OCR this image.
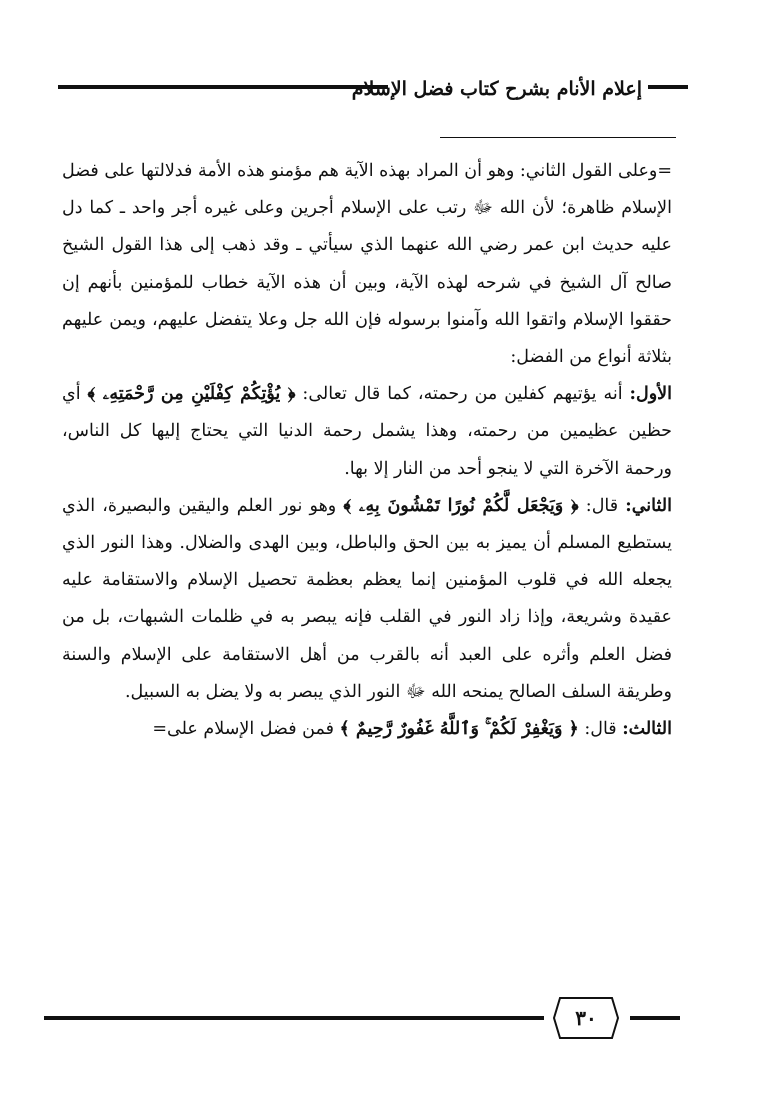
إعلام الأنام بشرح كتاب فضل الإسلام

=وعلى القول الثاني: وهو أن المراد بهذه الآية هم مؤمنو هذه الأمة فدلالتها على فضل الإسلام ظاهرة؛ لأن الله ﷻ رتب على الإسلام أجرين وعلى غيره أجر واحد ـ كما دل عليه حديث ابن عمر رضي الله عنهما الذي سيأتي ـ وقد ذهب إلى هذا القول الشيخ صالح آل الشيخ في شرحه لهذه الآية، وبين أن هذه الآية خطاب للمؤمنين بأنهم إن حققوا الإسلام واتقوا الله وآمنوا برسوله فإن الله جل وعلا يتفضل عليهم، ويمن عليهم بثلاثة أنواع من الفضل:

الأول: أنه يؤتيهم كفلين من رحمته، كما قال تعالى: ﴿ يُؤْتِكُمْ كِفْلَيْنِ مِن رَّحْمَتِهِۦ ﴾ أي حظين عظيمين من رحمته، وهذا يشمل رحمة الدنيا التي يحتاج إليها كل الناس، ورحمة الآخرة التي لا ينجو أحد من النار إلا بها.

الثاني: قال: ﴿ وَيَجْعَل لَّكُمْ نُورًا تَمْشُونَ بِهِۦ ﴾ وهو نور العلم واليقين والبصيرة، الذي يستطيع المسلم أن يميز به بين الحق والباطل، وبين الهدى والضلال. وهذا النور الذي يجعله الله في قلوب المؤمنين إنما يعظم بعظمة تحصيل الإسلام والاستقامة عليه عقيدة وشريعة، وإذا زاد النور في القلب فإنه يبصر به في ظلمات الشبهات، بل من فضل العلم وأثره على العبد أنه بالقرب من أهل الاستقامة على الإسلام والسنة وطريقة السلف الصالح يمنحه الله ﷻ النور الذي يبصر به ولا يضل به السبيل.

الثالث: قال: ﴿ وَيَغْفِرْ لَكُمْ ۚ وَٱللَّهُ غَفُورٌ رَّحِيمٌ ﴾ فمن فضل الإسلام على=

٣٠
